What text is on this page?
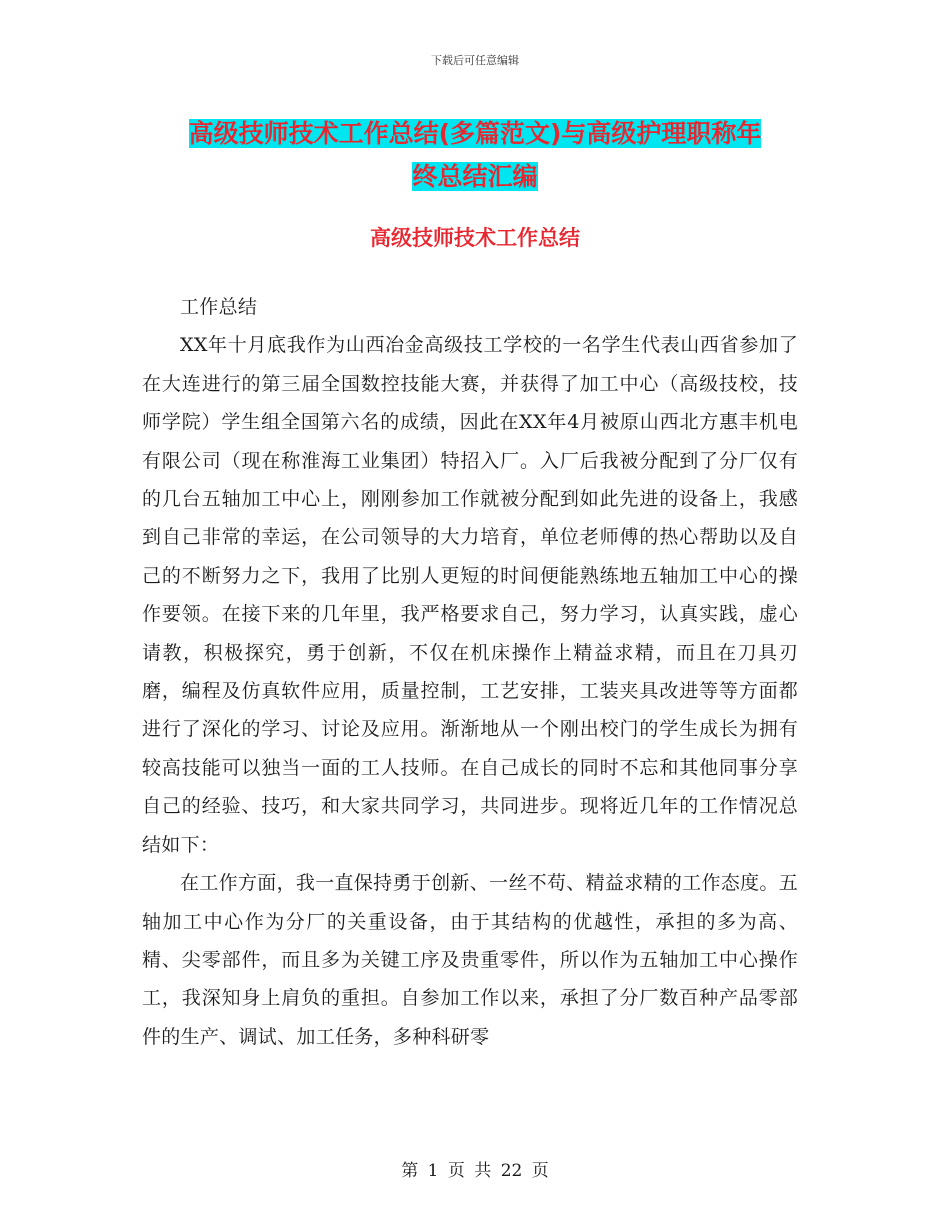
下载后可任意编辑
高级技师技术工作总结(多篇范文)与高级护理职称年
终总结汇编
高级技师技术工作总结

工作总结

XX年十月底我作为山西冶金高级技工学校的一名学生代表山西省参加了在大连进行的第三届全国数控技能大赛，并获得了加工中心（高级技校，技师学院）学生组全国第六名的成绩，因此在XX年4月被原山西北方惠丰机电有限公司（现在称淮海工业集团）特招入厂。入厂后我被分配到了分厂仅有的几台五轴加工中心上，刚刚参加工作就被分配到如此先进的设备上，我感到自己非常的幸运，在公司领导的大力培育，单位老师傅的热心帮助以及自己的不断努力之下，我用了比别人更短的时间便能熟练地五轴加工中心的操作要领。在接下来的几年里，我严格要求自己，努力学习，认真实践，虚心请教，积极探究，勇于创新，不仅在机床操作上精益求精，而且在刀具刃磨，编程及仿真软件应用，质量控制，工艺安排，工装夹具改进等等方面都进行了深化的学习、讨论及应用。渐渐地从一个刚出校门的学生成长为拥有较高技能可以独当一面的工人技师。在自己成长的同时不忘和其他同事分享自己的经验、技巧，和大家共同学习，共同进步。现将近几年的工作情况总结如下：

在工作方面，我一直保持勇于创新、一丝不苟、精益求精的工作态度。五轴加工中心作为分厂的关重设备，由于其结构的优越性，承担的多为高、精、尖零部件，而且多为关键工序及贵重零件，所以作为五轴加工中心操作工，我深知身上肩负的重担。自参加工作以来，承担了分厂数百种产品零部件的生产、调试、加工任务，多种科研零

第 1 页 共 22 页
